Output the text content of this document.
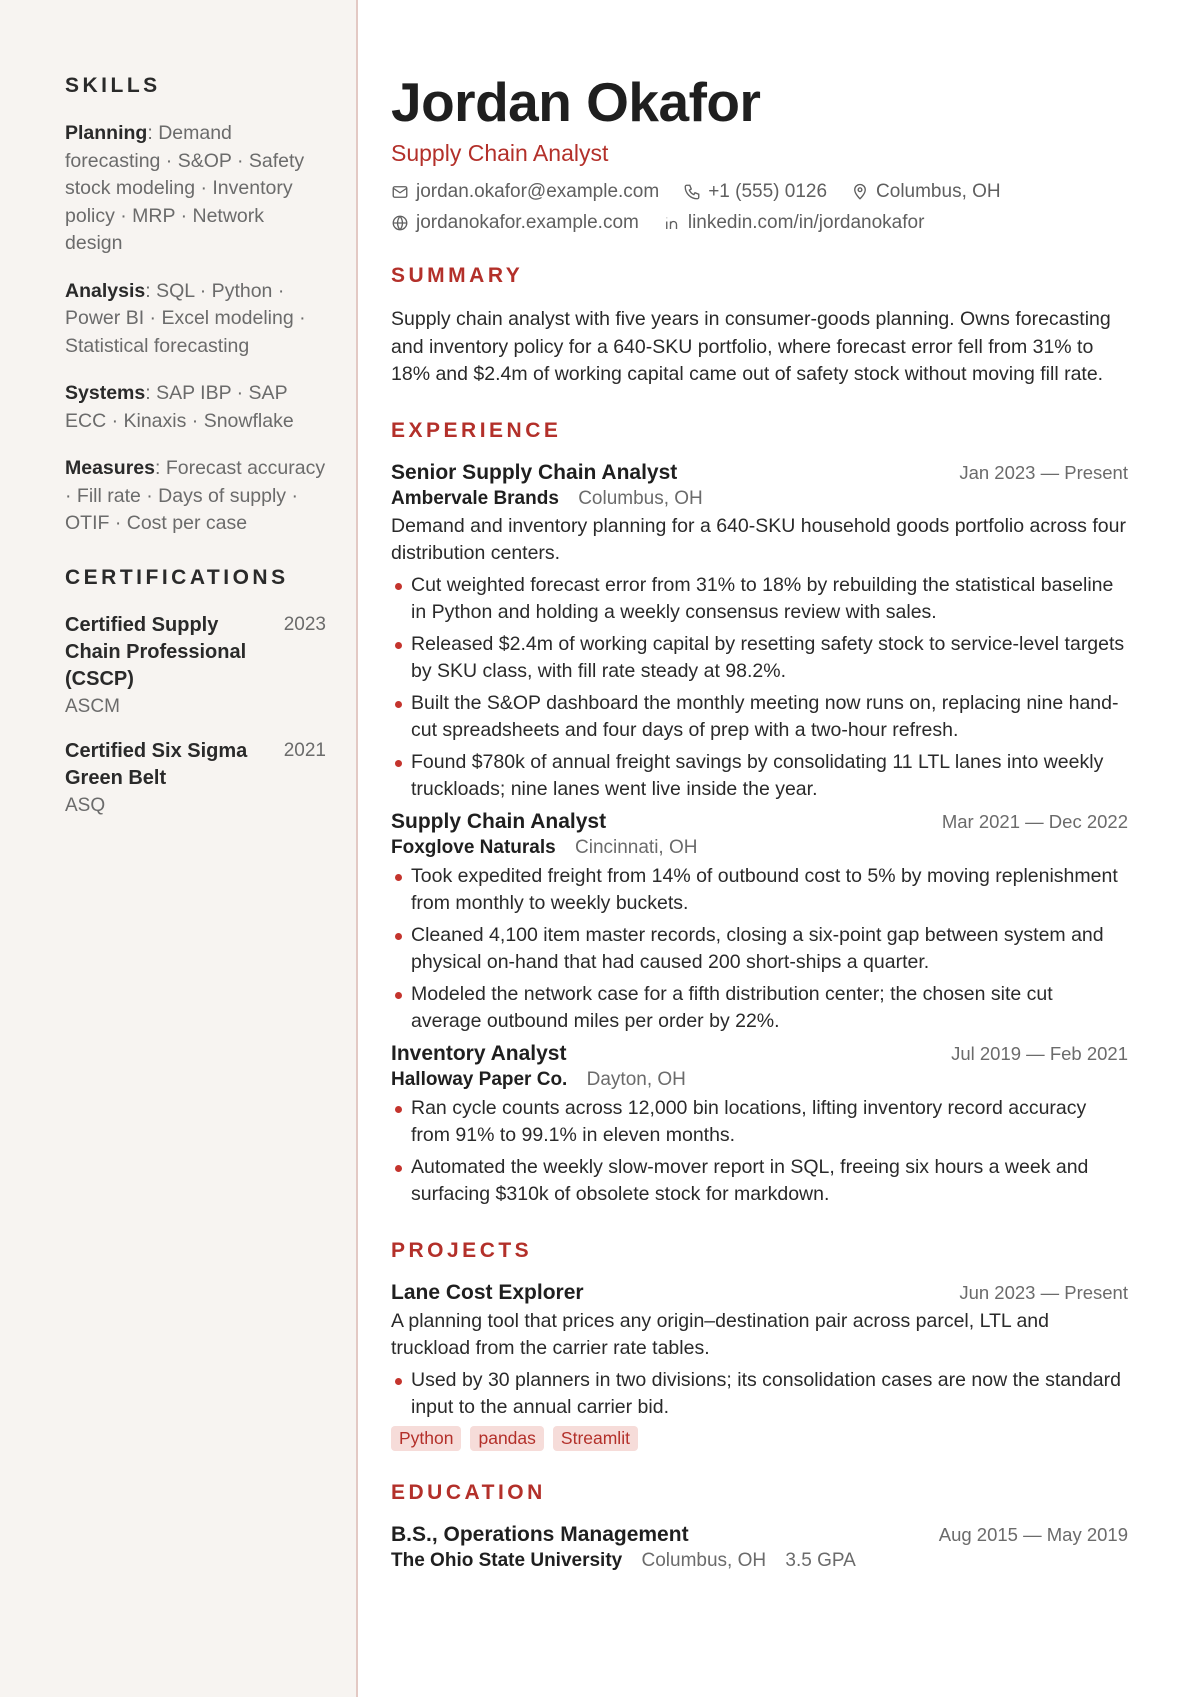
SKILLS
Planning: Demand forecasting · S&OP · Safety stock modeling · Inventory policy · MRP · Network design
Analysis: SQL · Python · Power BI · Excel modeling · Statistical forecasting
Systems: SAP IBP · SAP ECC · Kinaxis · Snowflake
Measures: Forecast accuracy · Fill rate · Days of supply · OTIF · Cost per case
CERTIFICATIONS
Certified Supply Chain Professional (CSCP)
ASCM
2023
Certified Six Sigma Green Belt
ASQ
2021
Jordan Okafor
Supply Chain Analyst
jordan.okafor@example.com	+1 (555) 0126	Columbus, OH
jordanokafor.example.com	linkedin.com/in/jordanokafor
SUMMARY

Supply chain analyst with five years in consumer-goods planning. Owns forecasting and inventory policy for a 640-SKU portfolio, where forecast error fell from 31% to 18% and $2.4m of working capital came out of safety stock without moving fill rate.

EXPERIENCE
Senior Supply Chain Analyst	Jan 2023 — Present
Ambervale Brands Columbus, OH

Demand and inventory planning for a 640-SKU household goods portfolio across four distribution centers.

Cut weighted forecast error from 31% to 18% by rebuilding the statistical baseline in Python and holding a weekly consensus review with sales.
Released $2.4m of working capital by resetting safety stock to service-level targets by SKU class, with fill rate steady at 98.2%.
Built the S&OP dashboard the monthly meeting now runs on, replacing nine hand-cut spreadsheets and four days of prep with a two-hour refresh.
Found $780k of annual freight savings by consolidating 11 LTL lanes into weekly truckloads; nine lanes went live inside the year.
Supply Chain Analyst	Mar 2021 — Dec 2022
Foxglove Naturals Cincinnati, OH
Took expedited freight from 14% of outbound cost to 5% by moving replenishment from monthly to weekly buckets.
Cleaned 4,100 item master records, closing a six-point gap between system and physical on-hand that had caused 200 short-ships a quarter.
Modeled the network case for a fifth distribution center; the chosen site cut average outbound miles per order by 22%.
Inventory Analyst	Jul 2019 — Feb 2021
Halloway Paper Co. Dayton, OH
Ran cycle counts across 12,000 bin locations, lifting inventory record accuracy from 91% to 99.1% in eleven months.
Automated the weekly slow-mover report in SQL, freeing six hours a week and surfacing $310k of obsolete stock for markdown.
PROJECTS
Lane Cost Explorer	Jun 2023 — Present

A planning tool that prices any origin–destination pair across parcel, LTL and truckload from the carrier rate tables.

Used by 30 planners in two divisions; its consolidation cases are now the standard input to the annual carrier bid.
Python	pandas	Streamlit
EDUCATION
B.S., Operations Management	Aug 2015 — May 2019
The Ohio State University Columbus, OH 3.5 GPA
